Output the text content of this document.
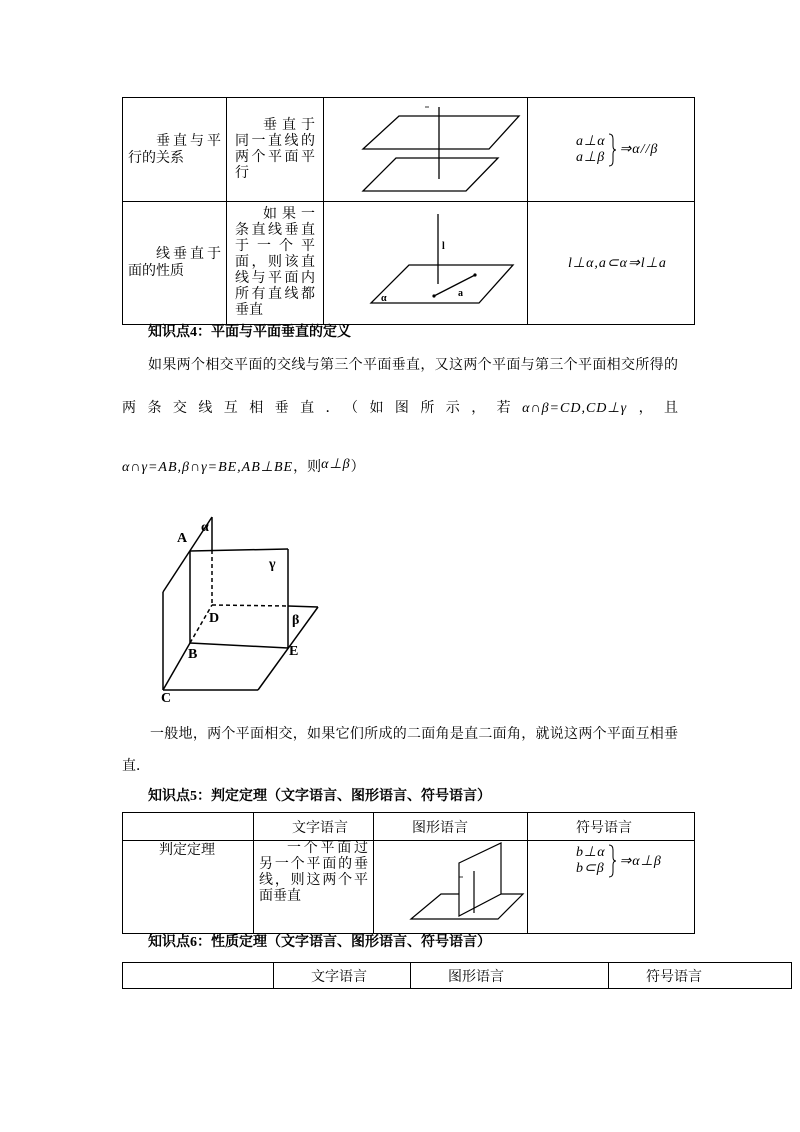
垂直与平行的关系	垂直于同一直线的两个平面平行		a⊥α
a⊥β ⇒α//β

线垂直于面的性质	如果一条直线垂直于一个平面，则该直线与平面内所有直线都垂直	l
a
α	l⊥α,a⊂α⇒l⊥a
知识点4：平面与平面垂直的定义
如果两个相交平面的交线与第三个平面垂直，又这两个平面与第三个平面相交所得的
两条交线互相垂直．（如图所示，若α∩β=CD,CD⊥γ，且
α∩γ=AB,β∩γ=BE,AB⊥BE，则α⊥β）
A
α
γ
D	β
B	E
C
一般地，两个平面相交，如果它们所成的二面角是直二面角，就说这两个平面互相垂直．
知识点5：判定定理（文字语言、图形语言、符号语言）
	文字语言	图形语言	符号语言
判定定理	一个平面过另一个平面的垂线，则这两个平面垂直		b⊥α
b⊂β ⇒α⊥β
知识点6：性质定理（文字语言、图形语言、符号语言）
	文字语言	图形语言	符号语言
